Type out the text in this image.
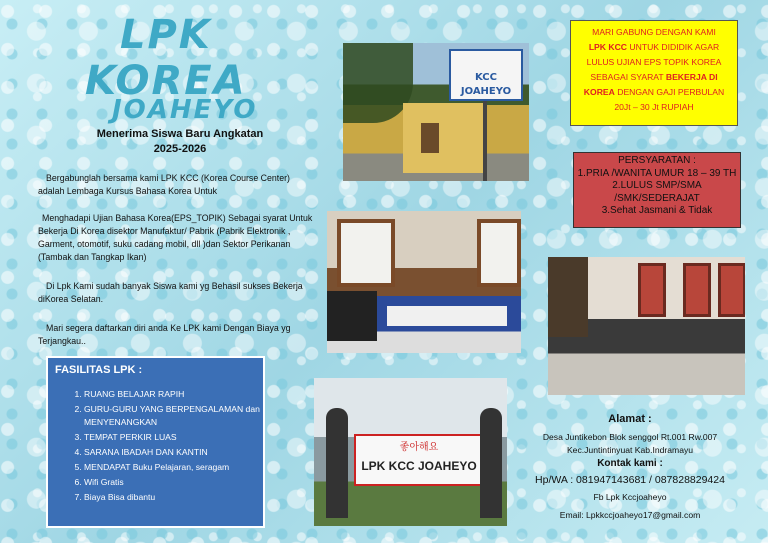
LPK
KOREA
JOAHEYO
Menerima Siswa Baru Angkatan
2025-2026
Bergabunglah bersama kami LPK KCC (Korea Course Center) adalah Lembaga Kursus Bahasa Korea Untuk
Menghadapi Ujian Bahasa Korea(EPS_TOPIK) Sebagai syarat Untuk Bekerja Di Korea disektor Manufaktur/ Pabrik (Pabrik Elektronik , Garment, otomotif, suku cadang mobil, dll )dan Sektor Perikanan (Tambak dan Tangkap Ikan)
Di Lpk Kami sudah banyak Siswa kami yg Behasil sukses Bekerja diKorea Selatan.
Mari segera daftarkan diri anda Ke LPK kami Dengan Biaya yg Terjangkau..
FASILITAS LPK :
1. RUANG BELAJAR RAPIH
2. GURU-GURU YANG BERPENGALAMAN dan MENYENANGKAN
3. TEMPAT PERKIR LUAS
4. SARANA IBADAH DAN KANTIN
5. MENDAPAT Buku Pelajaran, seragam
6. Wifi Gratis
7. Biaya Bisa dibantu
KCC JOAHEYO
좋아해요
LPK KCC JOAHEYO
MARI GABUNG DENGAN KAMI
LPK KCC UNTUK DIDIDIK AGAR
LULUS UJIAN EPS TOPIK KOREA
SEBAGAI SYARAT BEKERJA DI
KOREA DENGAN GAJI PERBULAN
20Jt – 30 Jt RUPIAH
PERSYARATAN :
1.PRIA /WANITA UMUR 18 – 39 TH
2.LULUS SMP/SMA /SMK/SEDERAJAT
3.Sehat Jasmani & Tidak
Alamat :
Desa Juntikebon Blok senggol Rt.001 Rw.007
Kec.Juntintinyuat Kab.Indramayu
Kontak kami :
Hp/WA : 081947143681 / 087828829424
Fb Lpk Kccjoaheyo
Email: Lpkkccjoaheyo17@gmail.com
